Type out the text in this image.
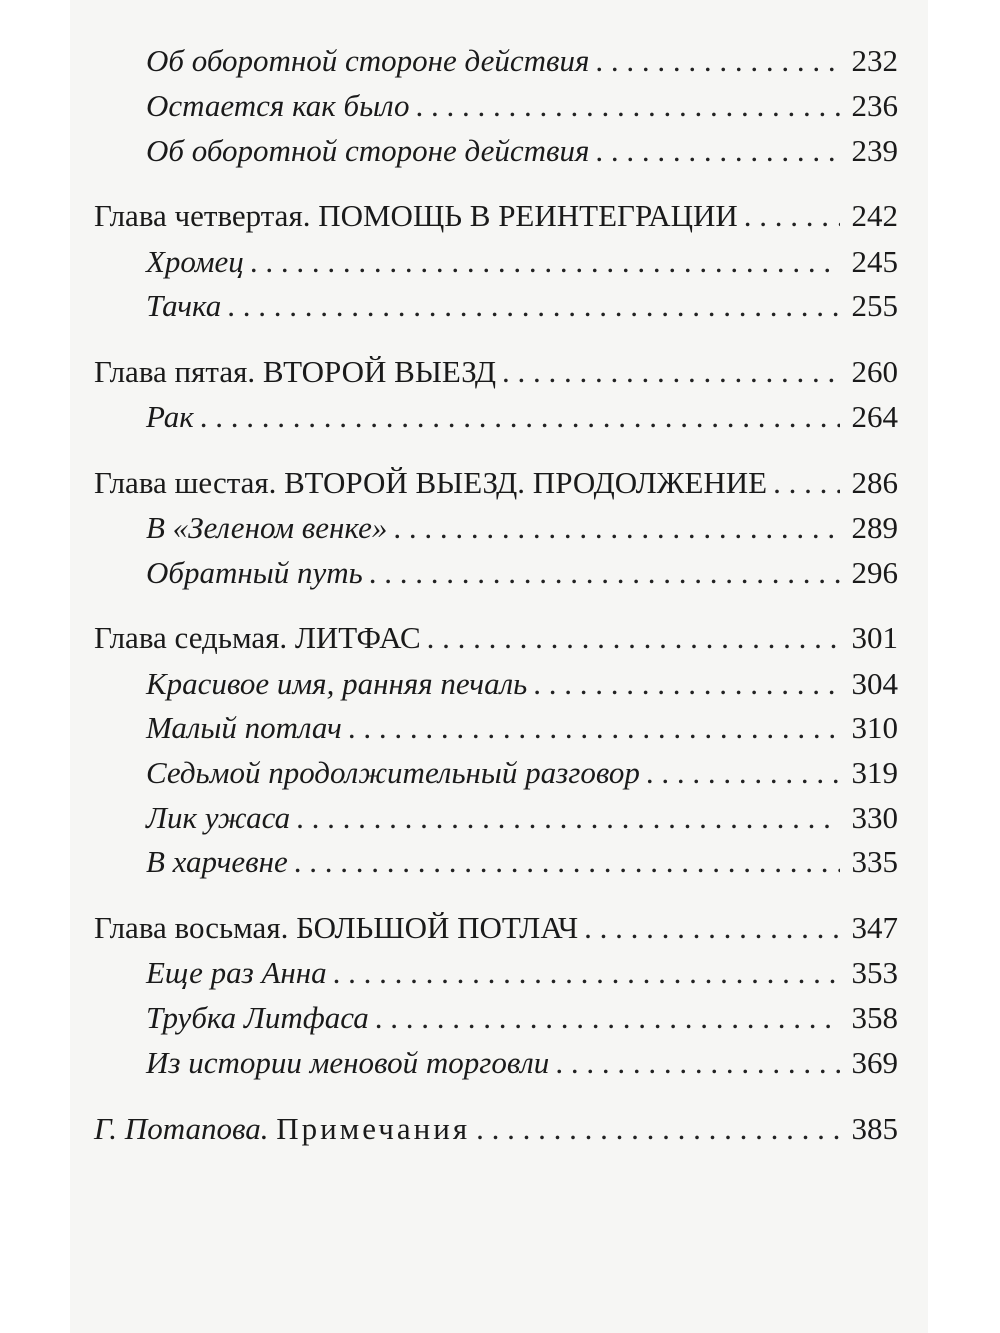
Об оборотной стороне действия . . .	232
Остается как было . . .	236
Об оборотной стороне действия . . .	239
Глава четвертая. ПОМОЩЬ В РЕИНТЕГРАЦИИ . . .	242
Хромец . . .	245
Тачка . . .	255
Глава пятая. ВТОРОЙ ВЫЕЗД . . .	260
Рак . . .	264
Глава шестая. ВТОРОЙ ВЫЕЗД. ПРОДОЛЖЕНИЕ . . .	286
В «Зеленом венке» . . .	289
Обратный путь . . .	296
Глава седьмая. ЛИТФАС . . .	301
Красивое имя, ранняя печаль . . .	304
Малый потлач . . .	310
Седьмой продолжительный разговор . . .	319
Лик ужаса . . .	330
В харчевне . . .	335
Глава восьмая. БОЛЬШОЙ ПОТЛАЧ . . .	347
Еще раз Анна . . .	353
Трубка Литфаса . . .	358
Из истории меновой торговли . . .	369
Г. Потапова. Примечания . . .	385
